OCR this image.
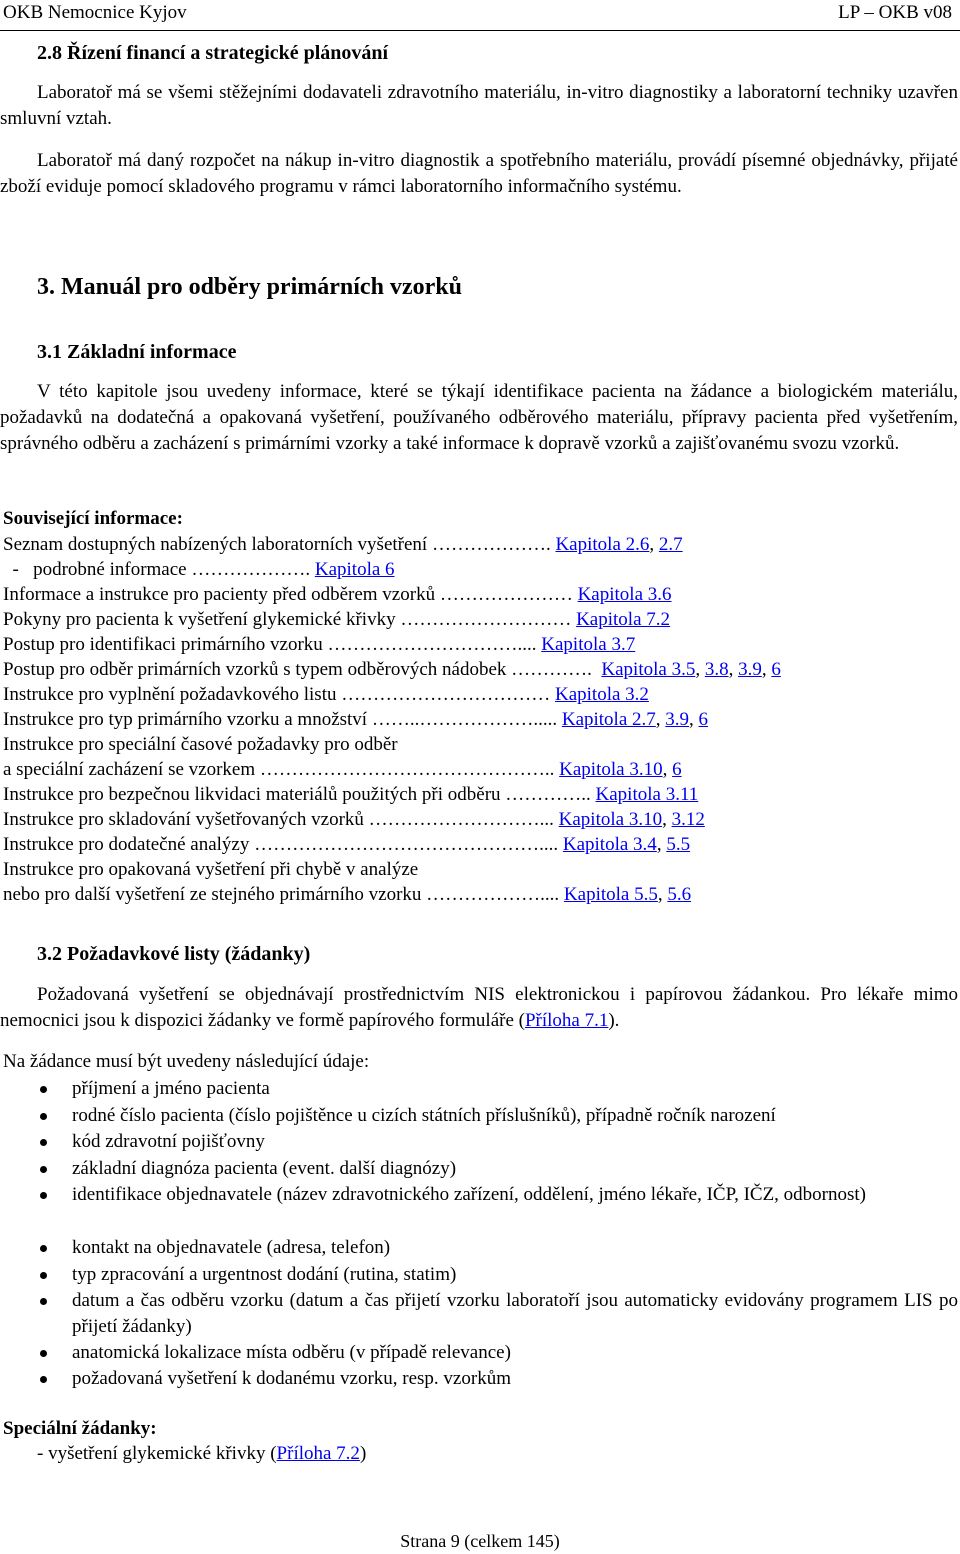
OKB Nemocnice Kyjov	LP – OKB v08
2.8 Řízení financí a strategické plánování
Laboratoř má se všemi stěžejními dodavateli zdravotního materiálu, in-vitro diagnostiky a laboratorní techniky uzavřen smluvní vztah.
Laboratoř má daný rozpočet na nákup in-vitro diagnostik a spotřebního materiálu, provádí písemné objednávky, přijaté zboží eviduje pomocí skladového programu v rámci laboratorního informačního systému.
3. Manuál pro odběry primárních vzorků
3.1 Základní informace
V této kapitole jsou uvedeny informace, které se týkají identifikace pacienta na žádance a biologickém materiálu, požadavků na dodatečná a opakovaná vyšetření, používaného odběrového materiálu, přípravy pacienta před vyšetřením, správného odběru a zacházení s primárními vzorky a také informace k dopravě vzorků a zajišťovanému svozu vzorků.
Související informace:
Seznam dostupných nabízených laboratorních vyšetření ………………. Kapitola 2.6, 2.7
-   podrobné informace ………………. Kapitola 6
Informace a instrukce pro pacienty před odběrem vzorků ………………… Kapitola 3.6
Pokyny pro pacienta k vyšetření glykemické křivky ……………………… Kapitola 7.2
Postup pro identifikaci primárního vzorku ………………………….... Kapitola 3.7
Postup pro odběr primárních vzorků s typem odběrových nádobek ………….  Kapitola 3.5, 3.8, 3.9, 6
Instrukce pro vyplnění požadavkového listu …………………………… Kapitola 3.2
Instrukce pro typ primárního vzorku a množství ……..………………..... Kapitola 2.7, 3.9, 6
Instrukce pro speciální časové požadavky pro odběr
a speciální zacházení se vzorkem ……………………………………….. Kapitola 3.10, 6
Instrukce pro bezpečnou likvidaci materiálů použitých při odběru ………….. Kapitola 3.11
Instrukce pro skladování vyšetřovaných vzorků ………………………... Kapitola 3.10, 3.12
Instrukce pro dodatečné analýzy ……………………………………….... Kapitola 3.4, 5.5
Instrukce pro opakovaná vyšetření při chybě v analýze
nebo pro další vyšetření ze stejného primárního vzorku ……………….... Kapitola 5.5, 5.6
3.2 Požadavkové listy (žádanky)
Požadovaná vyšetření se objednávají prostřednictvím NIS elektronickou i papírovou žádankou. Pro lékaře mimo nemocnici jsou k dispozici žádanky ve formě papírového formuláře (Příloha 7.1).
Na žádance musí být uvedeny následující údaje:
příjmení a jméno pacienta
rodné číslo pacienta (číslo pojištěnce u cizích státních příslušníků), případně ročník narození
kód zdravotní pojišťovny
základní diagnóza pacienta (event. další diagnózy)
identifikace objednavatele (název zdravotnického zařízení, oddělení, jméno lékaře, IČP, IČZ, odbornost)
kontakt na objednavatele (adresa, telefon)
typ zpracování a urgentnost dodání (rutina, statim)
datum a čas odběru vzorku (datum a čas přijetí vzorku laboratoří jsou automaticky evidovány programem LIS po přijetí žádanky)
anatomická lokalizace místa odběru (v případě relevance)
požadovaná vyšetření k dodanému vzorku, resp. vzorkům
Speciální žádanky:
- vyšetření glykemické křivky (Příloha 7.2)
Strana 9 (celkem 145)
